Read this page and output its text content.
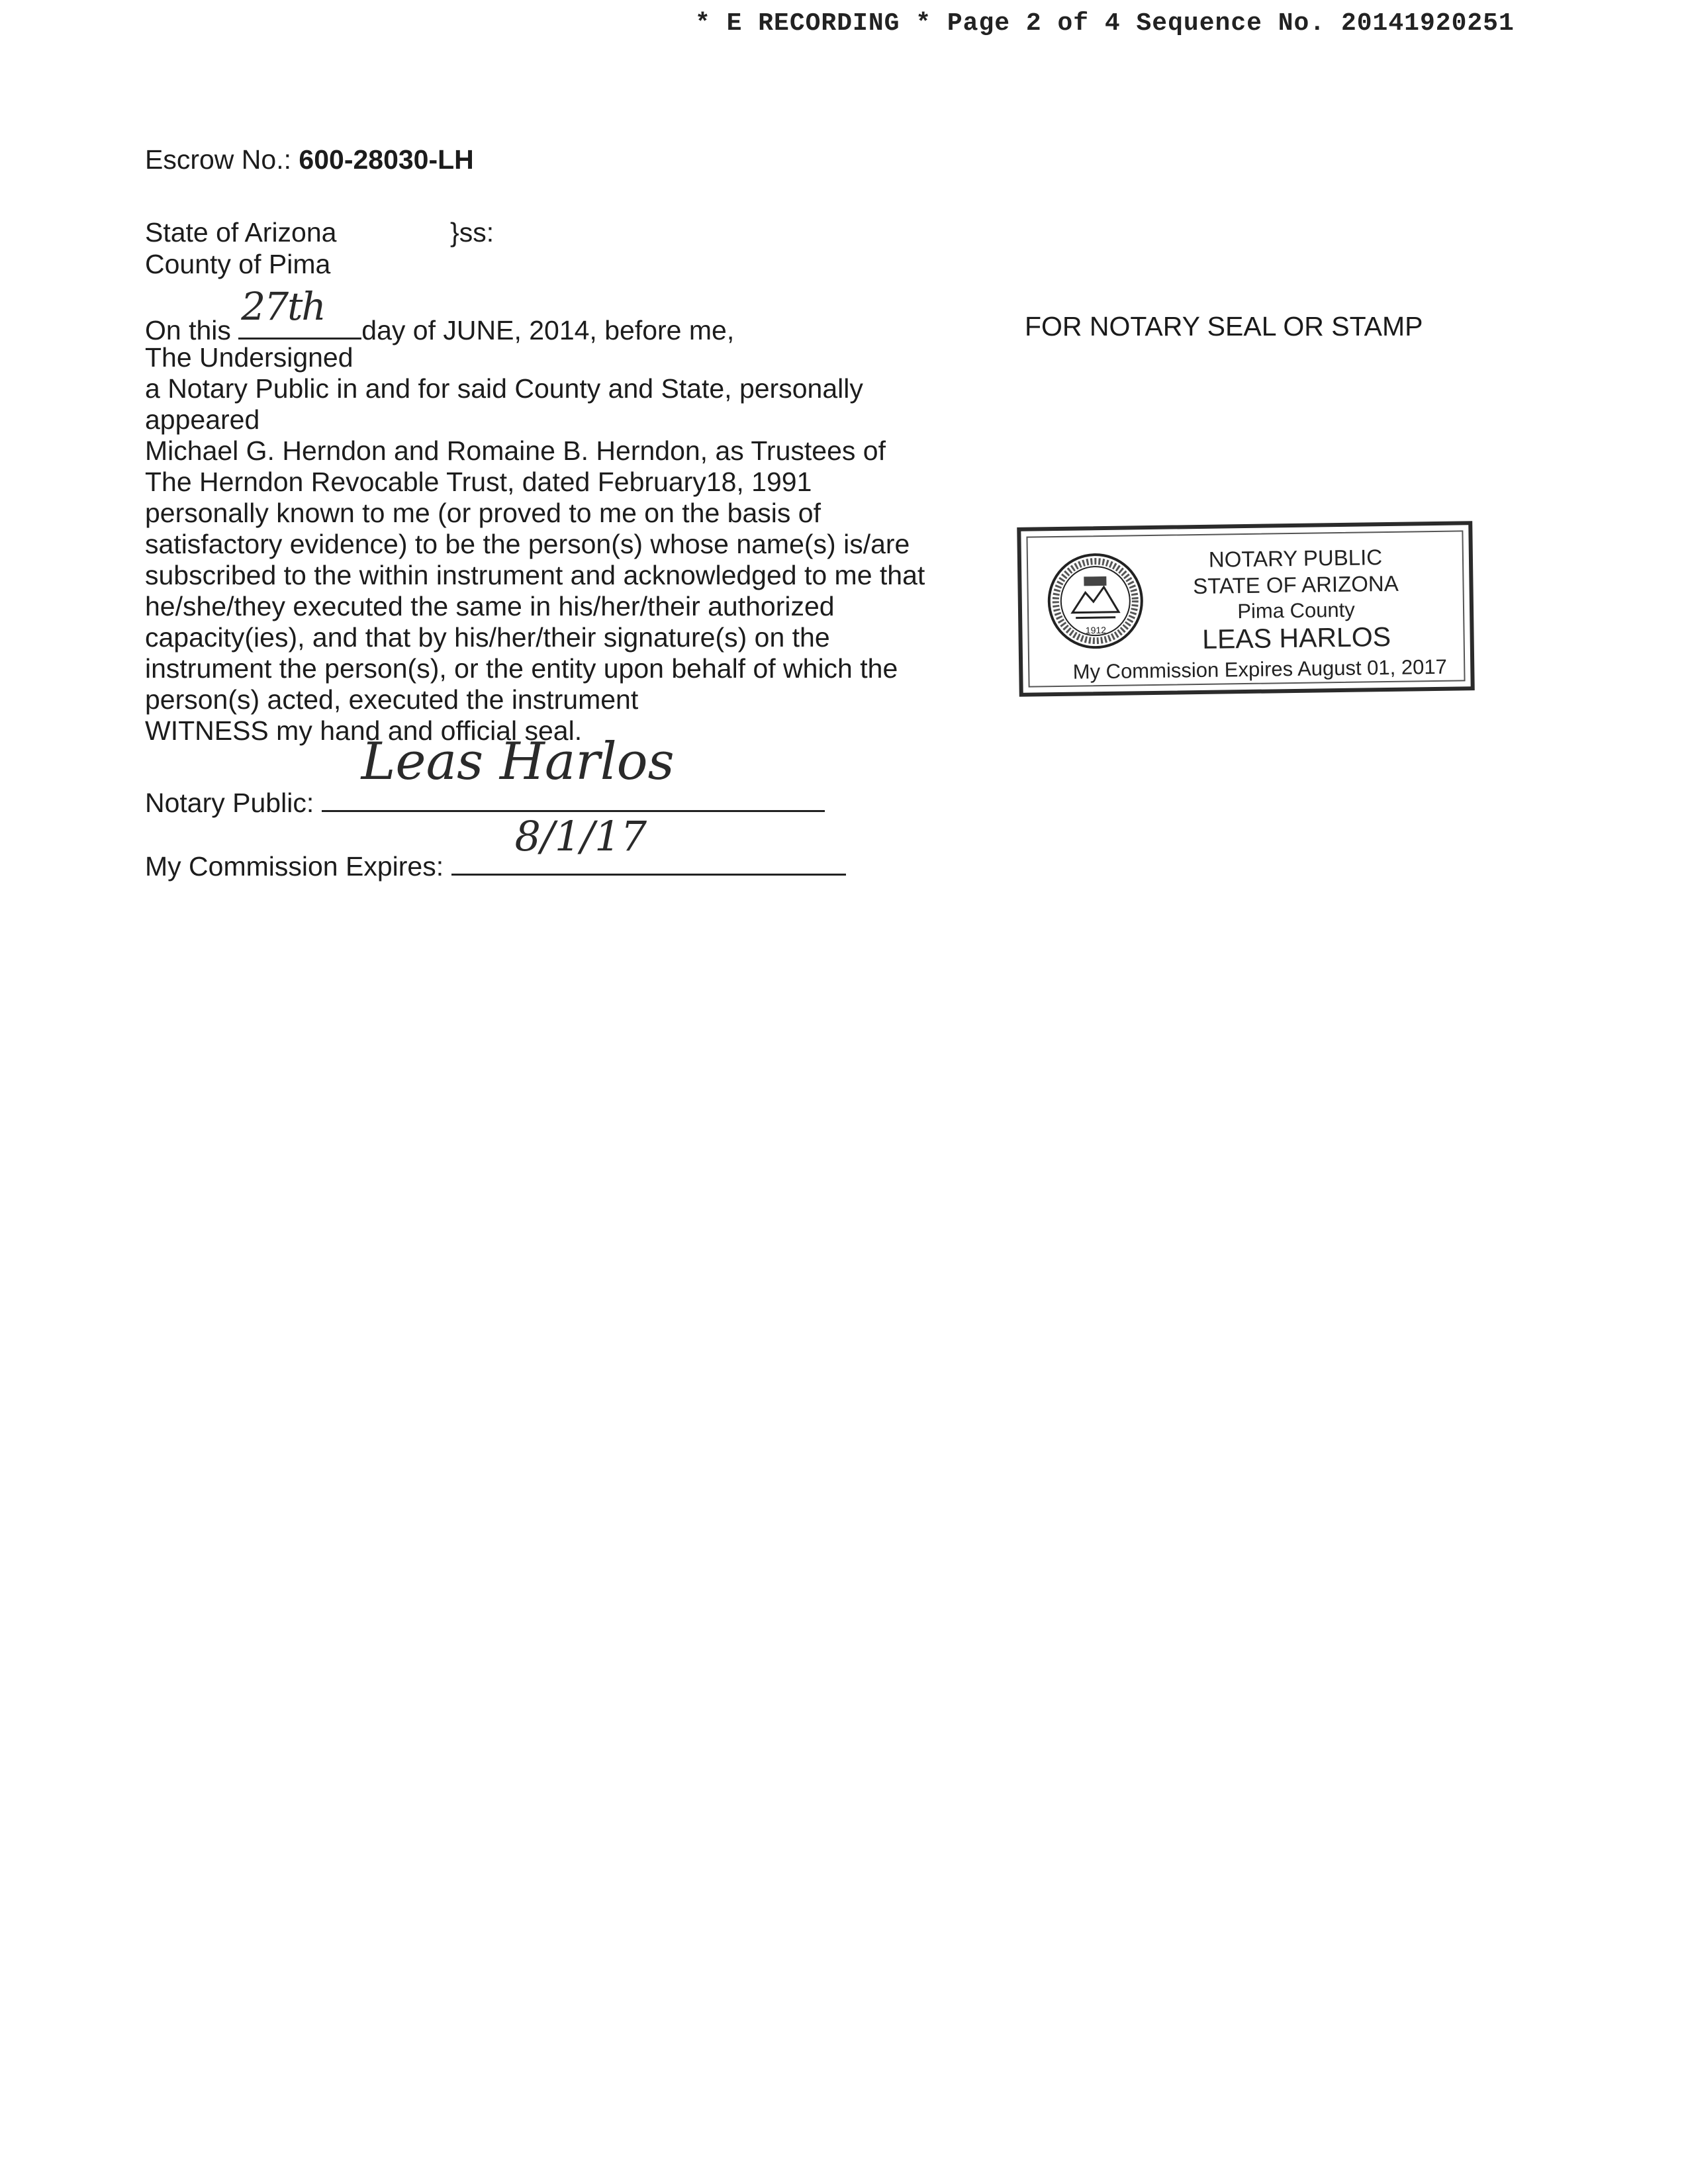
* E RECORDING * Page 2 of 4 Sequence No. 20141920251
Escrow No.: 600-28030-LH
State of Arizona	}ss:
County of Pima
On this
27th
day of JUNE, 2014, before me,
The Undersigned
a Notary Public in and for said County and State, personally
appeared
Michael G. Herndon and Romaine B. Herndon, as Trustees of
The Herndon Revocable Trust, dated February18, 1991
personally known to me (or proved to me on the basis of
satisfactory evidence) to be the person(s) whose name(s) is/are
subscribed to the within instrument and acknowledged to me that
he/she/they executed the same in his/her/their authorized
capacity(ies), and that by his/her/their signature(s) on the
instrument the person(s), or the entity upon behalf of which the
person(s) acted, executed the instrument
WITNESS my hand and official seal.
Notary Public:
Leas Harlos
My Commission Expires:
8/1/17
FOR NOTARY SEAL OR STAMP
1912
NOTARY PUBLIC
STATE OF ARIZONA
Pima County
LEAS HARLOS
My Commission Expires August 01, 2017
